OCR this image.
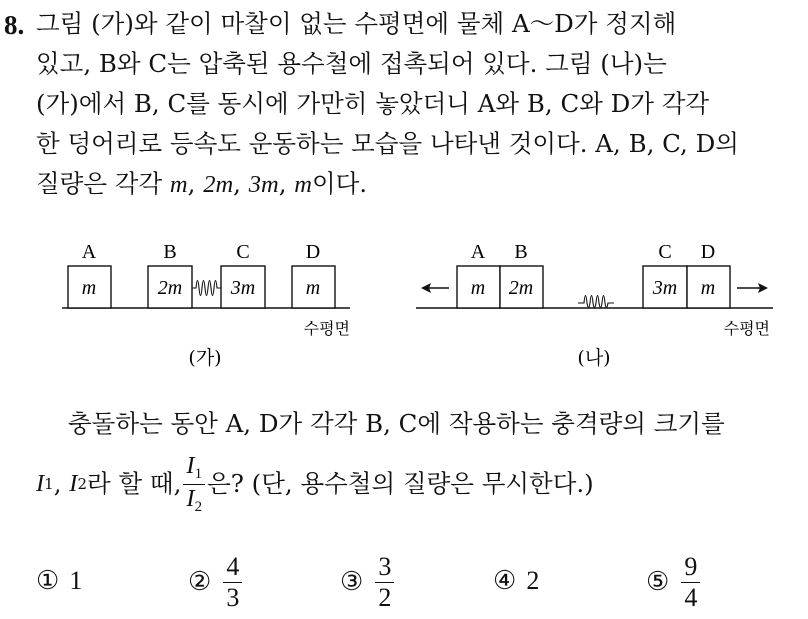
8. 그림 (가)와 같이 마찰이 없는 수평면에 물체 A～D가 정지해
있고, B와 C는 압축된 용수철에 접촉되어 있다. 그림 (나)는
(가)에서 B, C를 동시에 가만히 놓았더니 A와 B, C와 D가 각각
한 덩어리로 등속도 운동하는 모습을 나타낸 것이다. A, B, C, D의
질량은 각각 m, 2m, 3m, m이다.
A	B	C	D
m	2m 3m	m
수평면
(가)
A B	C D
m 2m	3m m
수평면
(나)
충돌하는 동안 A, D가 각각 B, C에 작용하는 충격량의 크기를
I 1 , I 2 라 할 때, $\frac{I_1}{I_2}$ 은? (단, 용수철의 질량은 무시한다.)
① 1	② $\frac{4}{3}$	③ $\frac{3}{2}$	④ 2	⑤ $\frac{9}{4}$
